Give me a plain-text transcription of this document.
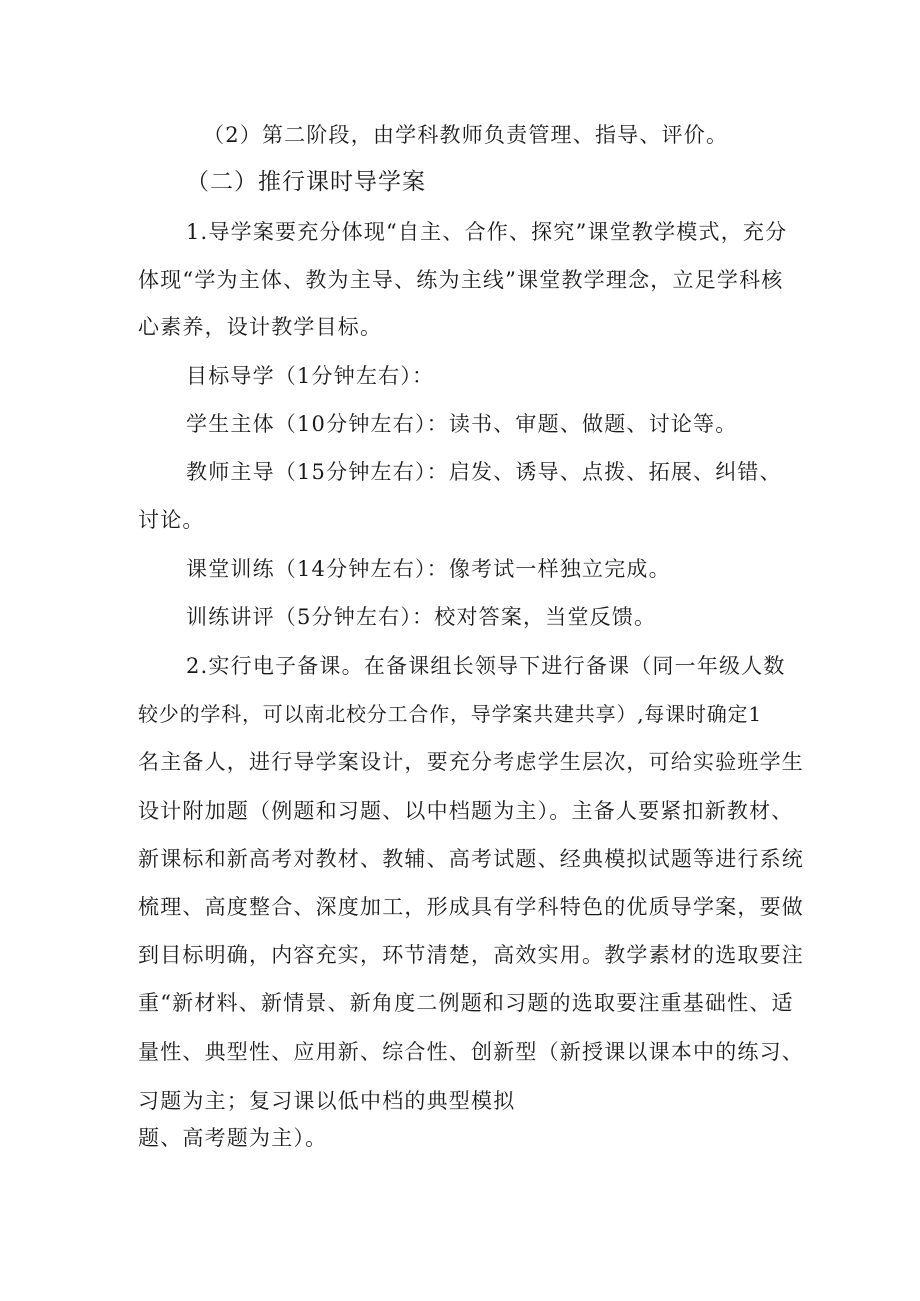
（2）第二阶段，由学科教师负责管理、指导、评价。
（二）推行课时导学案
1.导学案要充分体现“自主、合作、探究”课堂教学模式，充分
体现“学为主体、教为主导、练为主线”课堂教学理念，立足学科核
心素养，设计教学目标。
目标导学（1分钟左右）：
学生主体（10分钟左右）：读书、审题、做题、讨论等。
教师主导（15分钟左右）：启发、诱导、点拨、拓展、纠错、
讨论。
课堂训练（14分钟左右）：像考试一样独立完成。
训练讲评（5分钟左右）：校对答案，当堂反馈。
2.实行电子备课。在备课组长领导下进行备课（同一年级人数
较少的学科，可以南北校分工合作，导学案共建共享）,每课时确定1
名主备人，进行导学案设计，要充分考虑学生层次，可给实验班学生
设计附加题（例题和习题、以中档题为主）。主备人要紧扣新教材、
新课标和新高考对教材、教辅、高考试题、经典模拟试题等进行系统
梳理、高度整合、深度加工，形成具有学科特色的优质导学案，要做
到目标明确，内容充实，环节清楚，高效实用。教学素材的选取要注
重“新材料、新情景、新角度二例题和习题的选取要注重基础性、适
量性、典型性、应用新、综合性、创新型（新授课以课本中的练习、
习题为主；复习课以低中档的典型模拟
题、高考题为主）。
